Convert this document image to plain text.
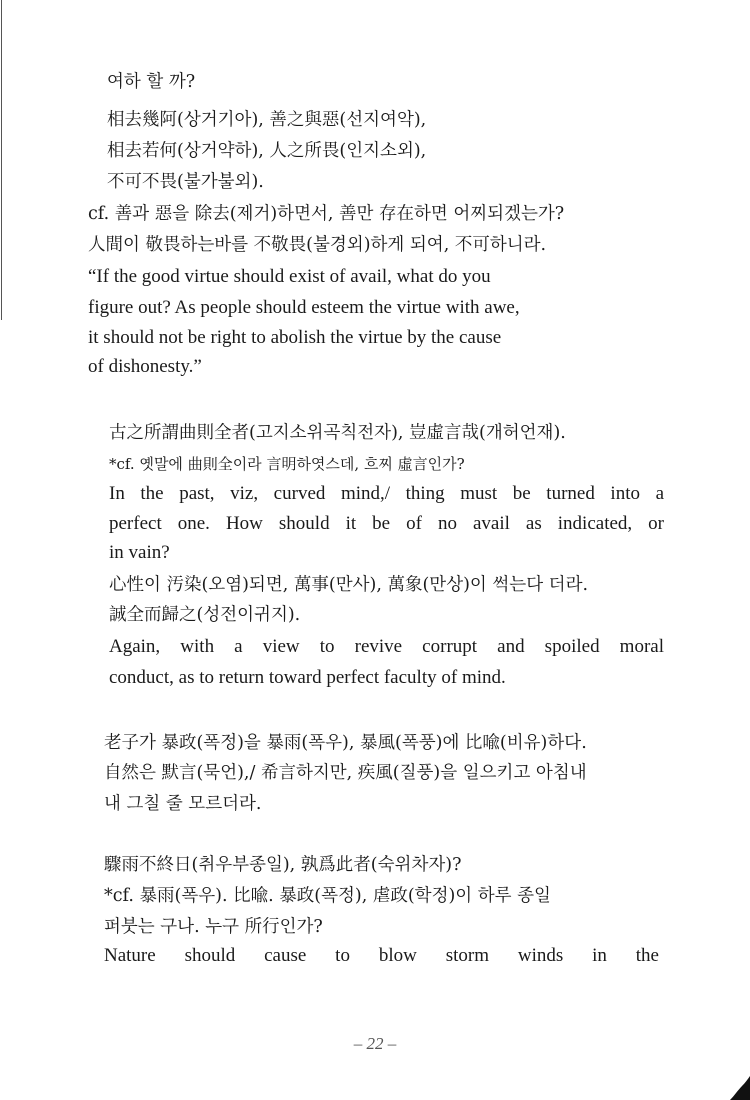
여하 할 까?
相去幾阿(상거기아), 善之與惡(선지여악),
相去若何(상거약하), 人之所畏(인지소외),
不可不畏(불가불외).
cf. 善과 惡을 除去(제거)하면서, 善만 存在하면 어찌되겠는가?
人間이 敬畏하는바를 不敬畏(불경외)하게 되여, 不可하니라.
“If the good virtue should exist of avail, what do you
figure out? As people should esteem the virtue with awe,
it should not be right to abolish the virtue by the cause
of dishonesty.”
古之所謂曲則全者(고지소위곡칙전자), 豈虛言哉(개허언재).
*cf. 옛말에 曲則全이라 言明하엿스데, 흐찌 虛言인가?
In the past, viz, curved mind,/ thing must be turned into a
perfect one. How should it be of no avail as indicated, or
in vain?
心性이 汚染(오염)되면, 萬事(만사), 萬象(만상)이 썩는다 더라.
誠全而歸之(성전이귀지).
Again, with a view to revive corrupt and spoiled moral
conduct, as to return toward perfect faculty of mind.
老子가 暴政(폭정)을 暴雨(폭우), 暴風(폭풍)에 比喩(비유)하다.
自然은 默言(묵언),/ 希言하지만, 疾風(질풍)을 일으키고 아침내
내 그칠 줄 모르더라.
驟雨不終日(취우부종일), 孰爲此者(숙위차자)?
*cf. 暴雨(폭우). 比喩. 暴政(폭정), 虐政(학정)이 하루 종일
퍼붓는 구나. 누구 所行인가?
Nature should cause to blow storm winds in the
– 22 –
